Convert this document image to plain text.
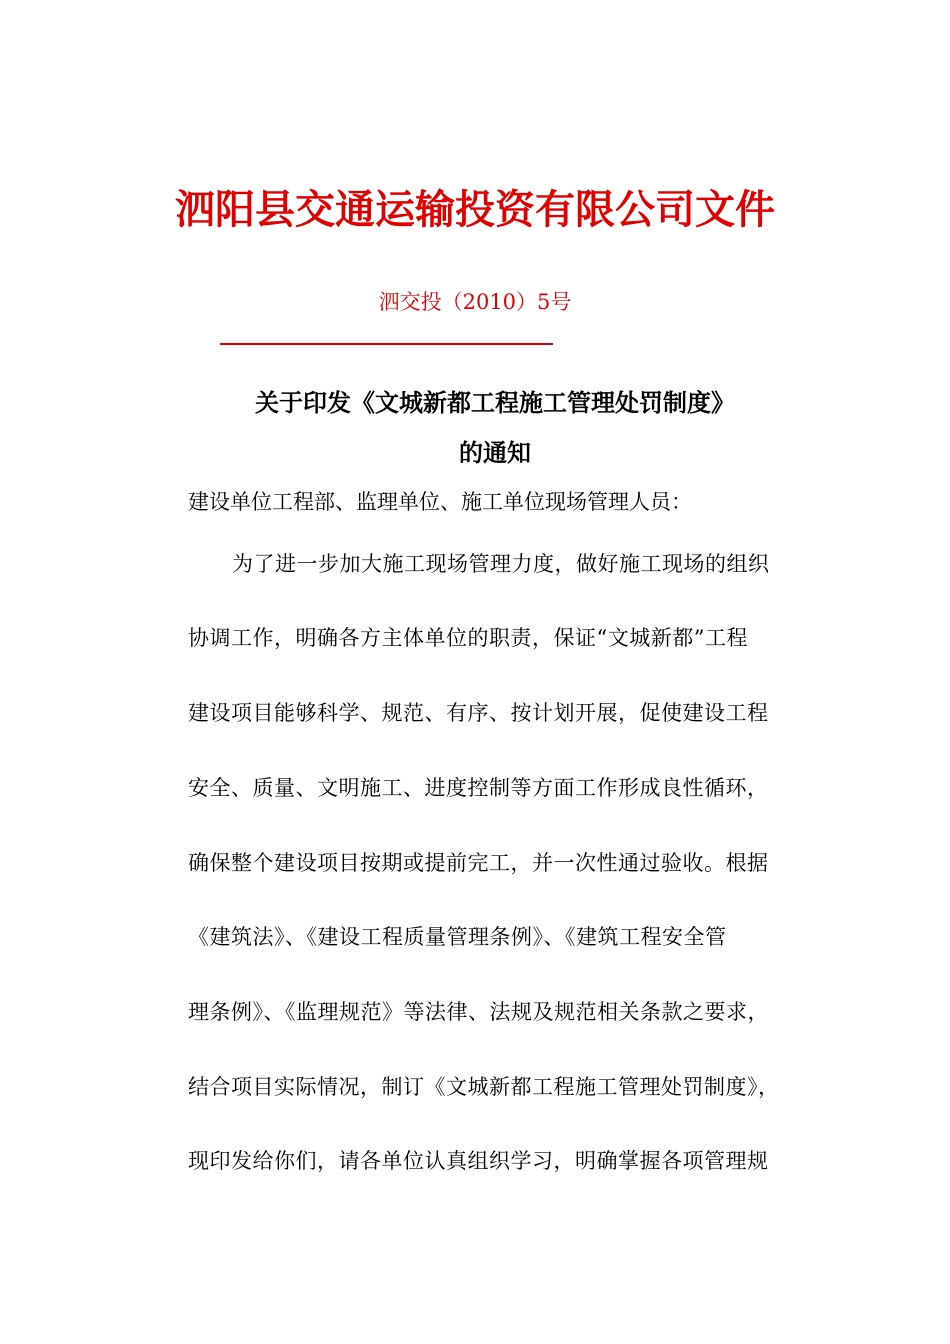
泗阳县交通运输投资有限公司文件
泗交投（2010）5号
关于印发《文城新都工程施工管理处罚制度》
的通知
建设单位工程部、监理单位、施工单位现场管理人员：
为了进一步加大施工现场管理力度，做好施工现场的组织
协调工作，明确各方主体单位的职责，保证“文城新都”工程
建设项目能够科学、规范、有序、按计划开展，促使建设工程
安全、质量、文明施工、进度控制等方面工作形成良性循环，
确保整个建设项目按期或提前完工，并一次性通过验收。根据
《建筑法》、《建设工程质量管理条例》、《建筑工程安全管
理条例》、《监理规范》等法律、法规及规范相关条款之要求，
结合项目实际情况，制订《文城新都工程施工管理处罚制度》，
现印发给你们，请各单位认真组织学习，明确掌握各项管理规
